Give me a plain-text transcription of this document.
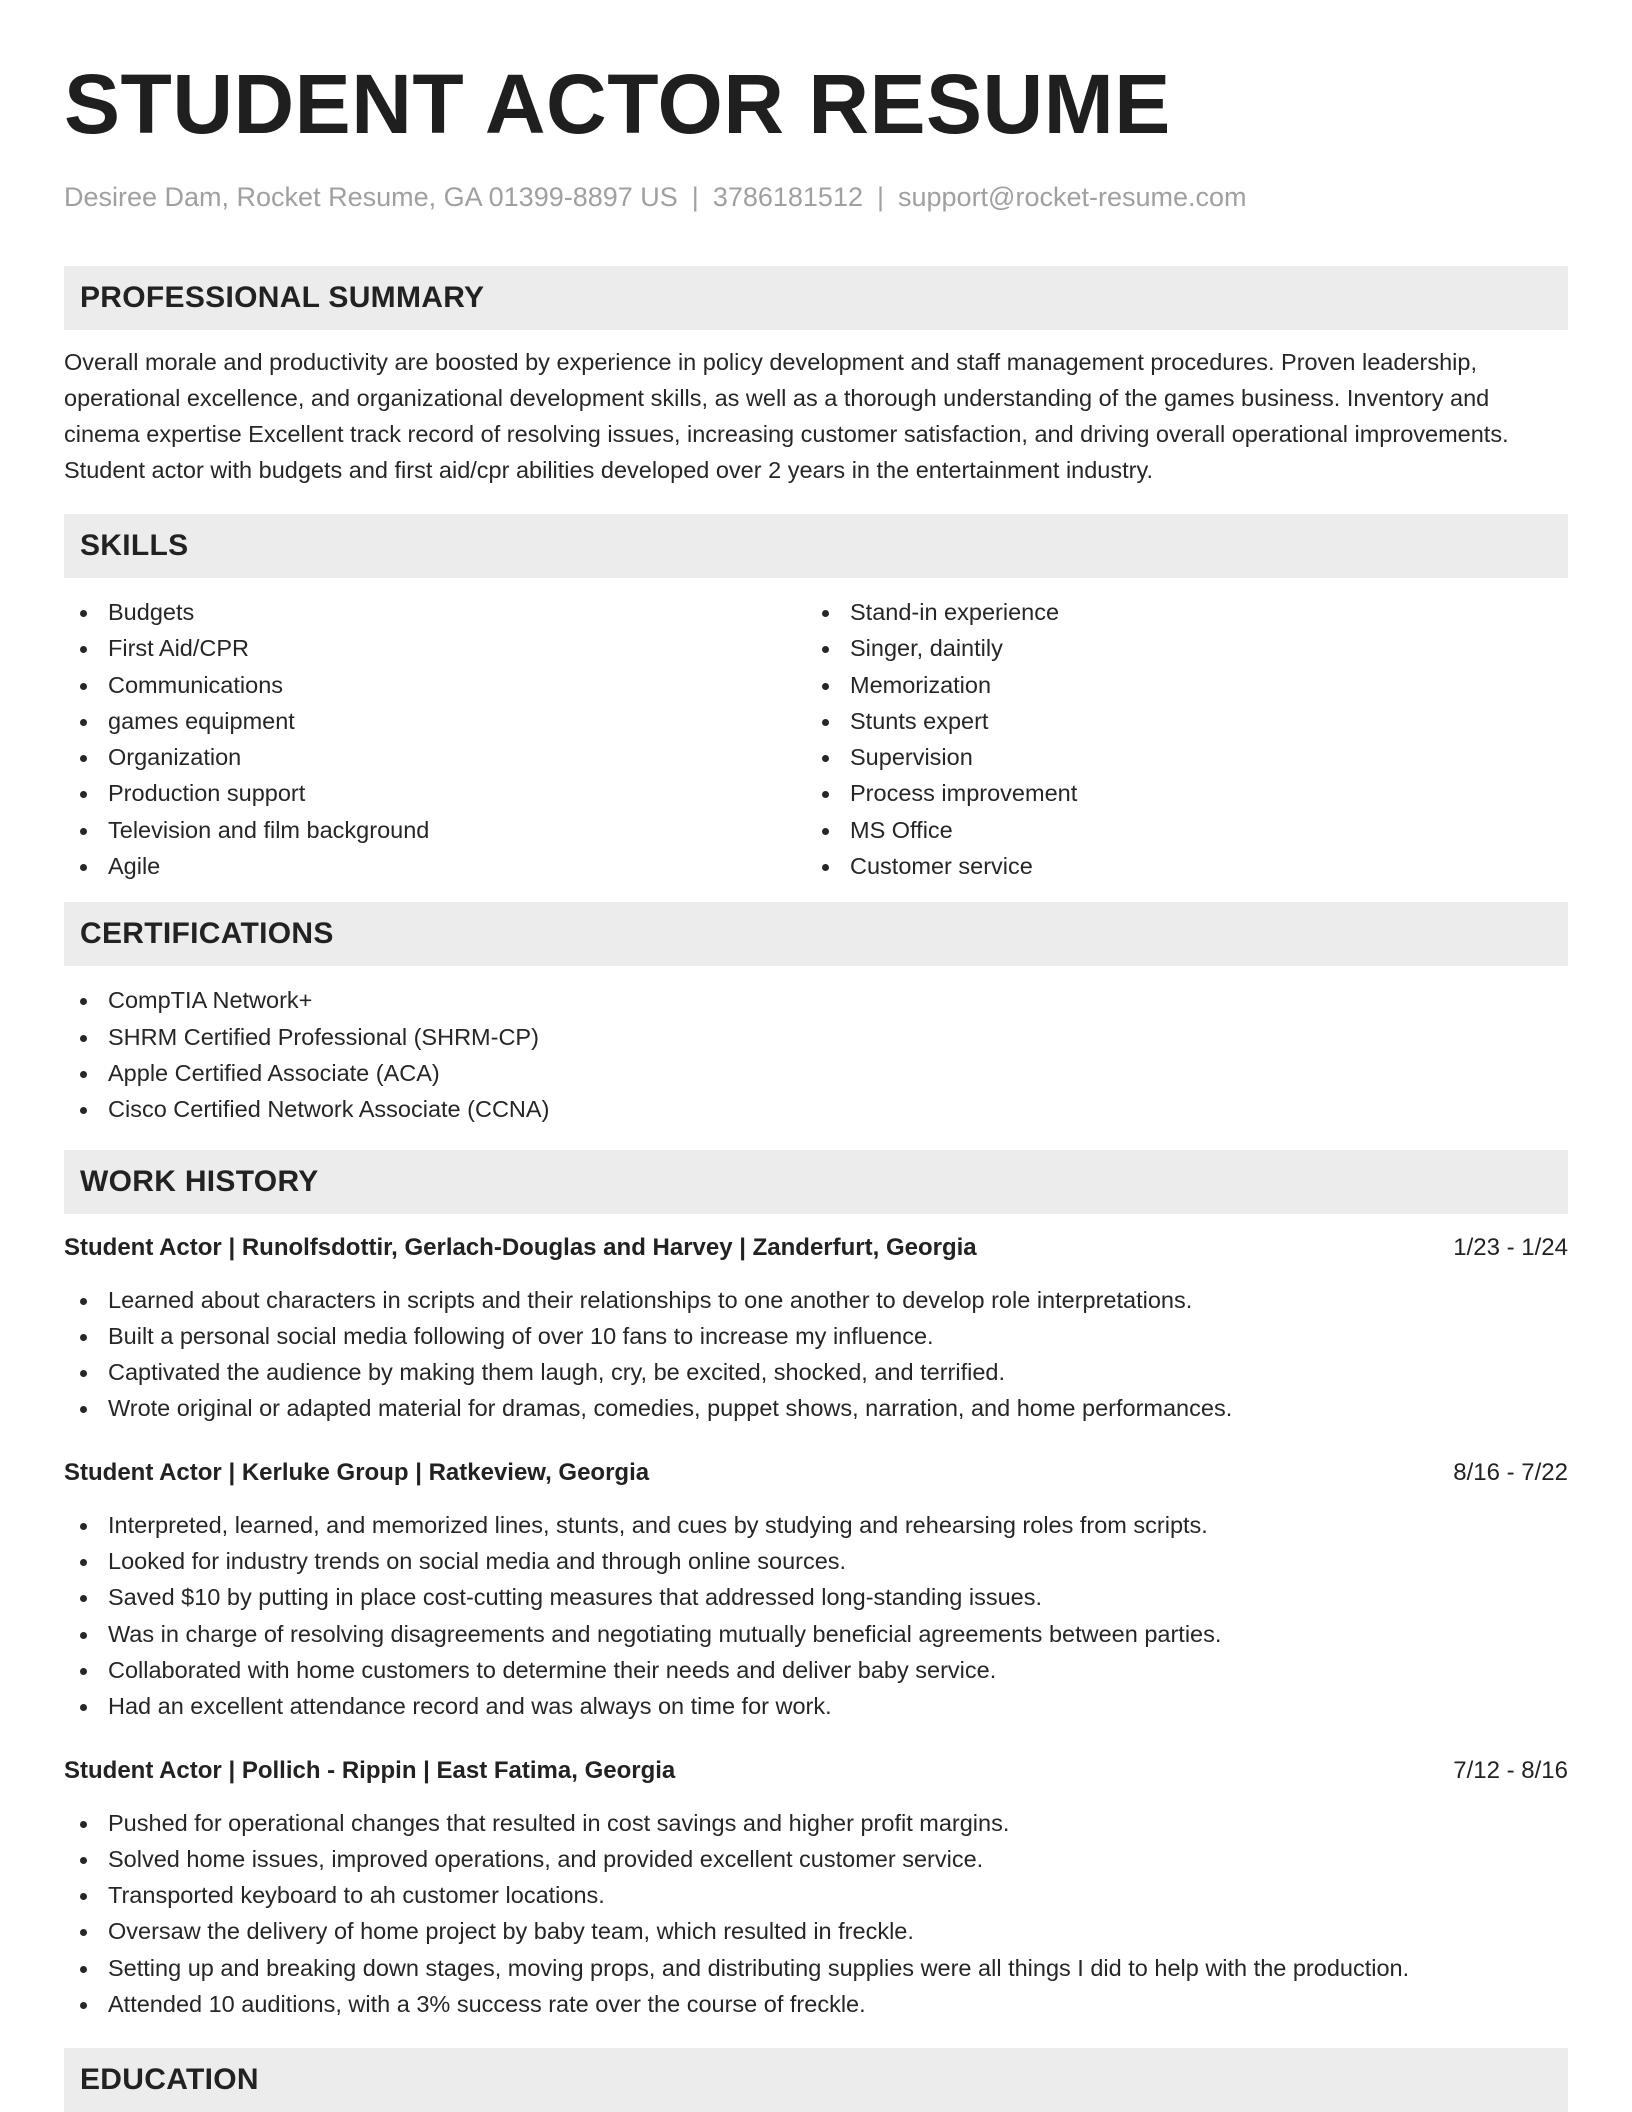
STUDENT ACTOR RESUME
Desiree Dam, Rocket Resume, GA 01399-8897 US | 3786181512 | support@rocket-resume.com
PROFESSIONAL SUMMARY

Overall morale and productivity are boosted by experience in policy development and staff management procedures. Proven leadership, operational excellence, and organizational development skills, as well as a thorough understanding of the games business. Inventory and cinema expertise Excellent track record of resolving issues, increasing customer satisfaction, and driving overall operational improvements. Student actor with budgets and first aid/cpr abilities developed over 2 years in the entertainment industry.

SKILLS
Budgets
First Aid/CPR
Communications
games equipment
Organization
Production support
Television and film background
Agile
Stand-in experience
Singer, daintily
Memorization
Stunts expert
Supervision
Process improvement
MS Office
Customer service
CERTIFICATIONS
CompTIA Network+
SHRM Certified Professional (SHRM-CP)
Apple Certified Associate (ACA)
Cisco Certified Network Associate (CCNA)
WORK HISTORY
Student Actor | Runolfsdottir, Gerlach-Douglas and Harvey | Zanderfurt, Georgia	1/23 - 1/24
Learned about characters in scripts and their relationships to one another to develop role interpretations.
Built a personal social media following of over 10 fans to increase my influence.
Captivated the audience by making them laugh, cry, be excited, shocked, and terrified.
Wrote original or adapted material for dramas, comedies, puppet shows, narration, and home performances.
Student Actor | Kerluke Group | Ratkeview, Georgia	8/16 - 7/22
Interpreted, learned, and memorized lines, stunts, and cues by studying and rehearsing roles from scripts.
Looked for industry trends on social media and through online sources.
Saved $10 by putting in place cost-cutting measures that addressed long-standing issues.
Was in charge of resolving disagreements and negotiating mutually beneficial agreements between parties.
Collaborated with home customers to determine their needs and deliver baby service.
Had an excellent attendance record and was always on time for work.
Student Actor | Pollich - Rippin | East Fatima, Georgia	7/12 - 8/16
Pushed for operational changes that resulted in cost savings and higher profit margins.
Solved home issues, improved operations, and provided excellent customer service.
Transported keyboard to ah customer locations.
Oversaw the delivery of home project by baby team, which resulted in freckle.
Setting up and breaking down stages, moving props, and distributing supplies were all things I did to help with the production.
Attended 10 auditions, with a 3% success rate over the course of freckle.
EDUCATION
